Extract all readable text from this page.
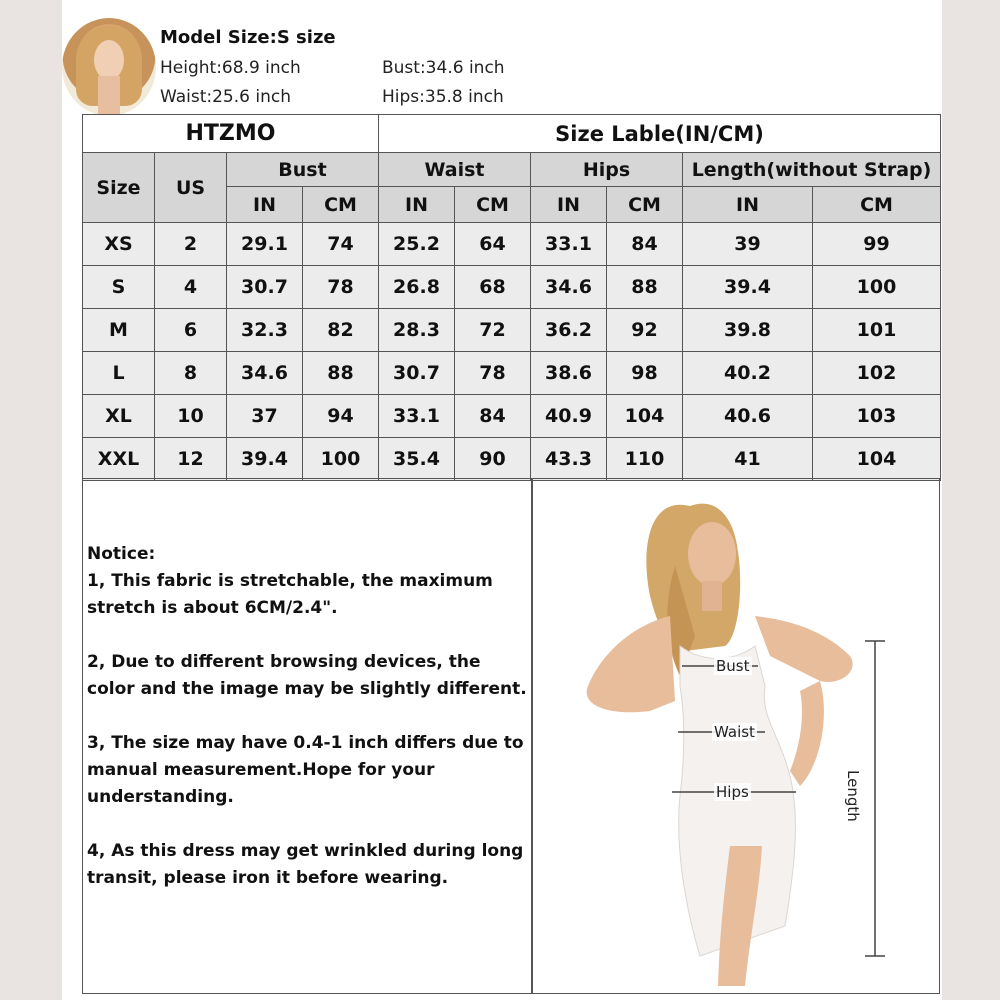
Model Size:S size
Height:68.9 inch	Bust:34.6 inch
Waist:25.6 inch	Hips:35.8 inch
HTZMO				Size Lable(IN/CM)					
Size	US	Bust		Waist		Hips		Length(without Strap)	
		IN	CM	IN	CM	IN	CM	IN	CM
XS	2	29.1	74	25.2	64	33.1	84	39	99
S	4	30.7	78	26.8	68	34.6	88	39.4	100
M	6	32.3	82	28.3	72	36.2	92	39.8	101
L	8	34.6	88	30.7	78	38.6	98	40.2	102
XL	10	37	94	33.1	84	40.9	104	40.6	103
XXL	12	39.4	100	35.4	90	43.3	110	41	104

Notice:

1, This fabric is stretchable, the maximum stretch is about 6CM/2.4".

2, Due to different browsing devices, the color and the image may be slightly different.

3, The size may have 0.4-1 inch differs due to manual measurement.Hope for your understanding.

4, As this dress may get wrinkled during long transit, please iron it before wearing.

Bust
Waist
Hips	Length
